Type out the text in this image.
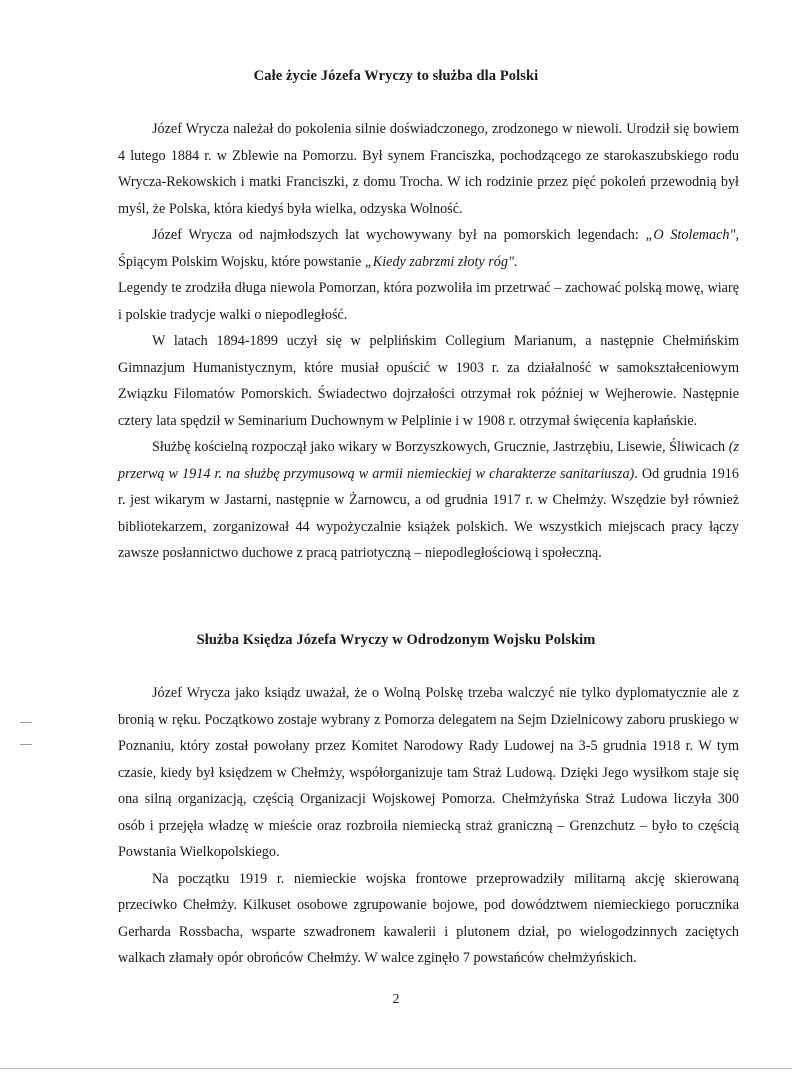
Całe życie Józefa Wryczy to służba dla Polski

Józef Wrycza należał do pokolenia silnie doświadczonego, zrodzonego w niewoli. Urodził się bowiem 4 lutego 1884 r. w Zblewie na Pomorzu. Był synem Franciszka, pochodzącego ze starokaszubskiego rodu Wrycza-Rekowskich i matki Franciszki, z domu Trocha. W ich rodzinie przez pięć pokoleń przewodnią był myśl, że Polska, która kiedyś była wielka, odzyska Wolność.

Józef Wrycza od najmłodszych lat wychowywany był na pomorskich legendach: „O Stolemach", Śpiącym Polskim Wojsku, które powstanie „Kiedy zabrzmi złoty róg".

Legendy te zrodziła długa niewola Pomorzan, która pozwoliła im przetrwać – zachować polską mowę, wiarę i polskie tradycje walki o niepodległość.

W latach 1894-1899 uczył się w pelplińskim Collegium Marianum, a następnie Chełmińskim Gimnazjum Humanistycznym, które musiał opuścić w 1903 r. za działalność w samokształceniowym Związku Filomatów Pomorskich. Świadectwo dojrzałości otrzymał rok później w Wejherowie. Następnie cztery lata spędził w Seminarium Duchownym w Pelplinie i w 1908 r. otrzymał święcenia kapłańskie.

Służbę kościelną rozpoczął jako wikary w Borzyszkowych, Grucznie, Jastrzębiu, Lisewie, Śliwicach (z przerwą w 1914 r. na służbę przymusową w armii niemieckiej w charakterze sanitariusza). Od grudnia 1916 r. jest wikarym w Jastarni, następnie w Żarnowcu, a od grudnia 1917 r. w Chełmży. Wszędzie był również bibliotekarzem, zorganizował 44 wypożyczalnie książek polskich. We wszystkich miejscach pracy łączy zawsze posłannictwo duchowe z pracą patriotyczną – niepodległościową i społeczną.

Służba Księdza Józefa Wryczy w Odrodzonym Wojsku Polskim

Józef Wrycza jako ksiądz uważał, że o Wolną Polskę trzeba walczyć nie tylko dyplomatycznie ale z bronią w ręku. Początkowo zostaje wybrany z Pomorza delegatem na Sejm Dzielnicowy zaboru pruskiego w Poznaniu, który został powołany przez Komitet Narodowy Rady Ludowej na 3-5 grudnia 1918 r. W tym czasie, kiedy był księdzem w Chełmży, współorganizuje tam Straż Ludową. Dzięki Jego wysiłkom staje się ona silną organizacją, częścią Organizacji Wojskowej Pomorza. Chełmżyńska Straż Ludowa liczyła 300 osób i przejęła władzę w mieście oraz rozbroiła niemiecką straż graniczną – Grenzchutz – było to częścią Powstania Wielkopolskiego.

Na początku 1919 r. niemieckie wojska frontowe przeprowadziły militarną akcję skierowaną przeciwko Chełmży. Kilkuset osobowe zgrupowanie bojowe, pod dowództwem niemieckiego porucznika Gerharda Rossbacha, wsparte szwadronem kawalerii i plutonem dział, po wielogodzinnych zaciętych walkach złamały opór obrońców Chełmży. W walce zginęło 7 powstańców chełmżyńskich.

2
